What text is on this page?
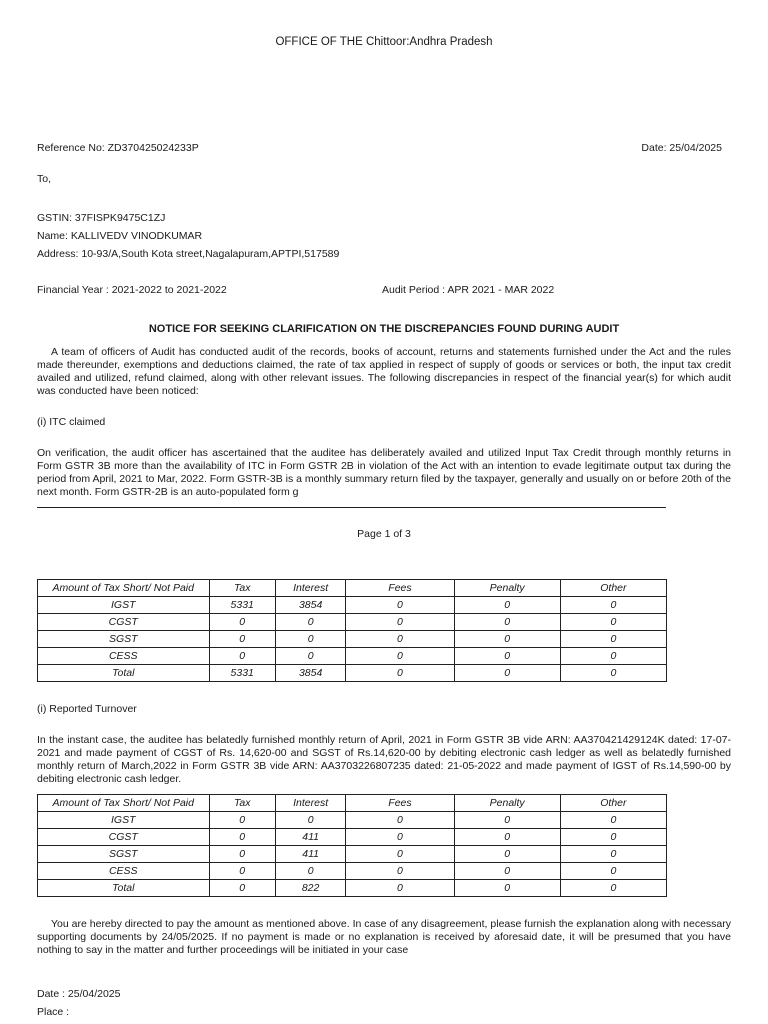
OFFICE OF THE Chittoor:Andhra Pradesh
Reference No: ZD370425024233P	Date: 25/04/2025
To,
GSTIN: 37FISPK9475C1ZJ
Name: KALLIVEDV VINODKUMAR
Address: 10-93/A,South Kota street,Nagalapuram,APTPI,517589
Financial Year : 2021-2022 to 2021-2022	Audit Period : APR 2021 - MAR 2022
NOTICE FOR SEEKING CLARIFICATION ON THE DISCREPANCIES FOUND DURING AUDIT
A team of officers of Audit has conducted audit of the records, books of account, returns and statements furnished under the Act and the rules made thereunder, exemptions and deductions claimed, the rate of tax applied in respect of supply of goods or services or both, the input tax credit availed and utilized, refund claimed, along with other relevant issues. The following discrepancies in respect of the financial year(s) for which audit was conducted have been noticed:
(i) ITC claimed
On verification, the audit officer has ascertained that the auditee has deliberately availed and utilized Input Tax Credit through monthly returns in Form GSTR 3B more than the availability of ITC in Form GSTR 2B in violation of the Act with an intention to evade legitimate output tax during the period from April, 2021 to Mar, 2022. Form GSTR-3B is a monthly summary return filed by the taxpayer, generally and usually on or before 20th of the next month. Form GSTR-2B is an auto-populated form g
Page 1 of 3
Amount of Tax Short/ Not Paid	Tax	Interest	Fees	Penalty	Other
IGST	5331	3854	0	0	0
CGST	0	0	0	0	0
SGST	0	0	0	0	0
CESS	0	0	0	0	0
Total	5331	3854	0	0	0
(i) Reported Turnover
In the instant case, the auditee has belatedly furnished monthly return of April, 2021 in Form GSTR 3B vide ARN: AA370421429124K dated: 17-07-2021 and made payment of CGST of Rs. 14,620-00 and SGST of Rs.14,620-00 by debiting electronic cash ledger as well as belatedly furnished monthly return of March,2022 in Form GSTR 3B vide ARN: AA3703226807235 dated: 21-05-2022 and made payment of IGST of Rs.14,590-00 by debiting electronic cash ledger.
Amount of Tax Short/ Not Paid	Tax	Interest	Fees	Penalty	Other
IGST	0	0	0	0	0
CGST	0	411	0	0	0
SGST	0	411	0	0	0
CESS	0	0	0	0	0
Total	0	822	0	0	0
You are hereby directed to pay the amount as mentioned above. In case of any disagreement, please furnish the explanation along with necessary supporting documents by 24/05/2025. If no payment is made or no explanation is received by aforesaid date, it will be presumed that you have nothing to say in the matter and further proceedings will be initiated in your case
Date : 25/04/2025
Place :
